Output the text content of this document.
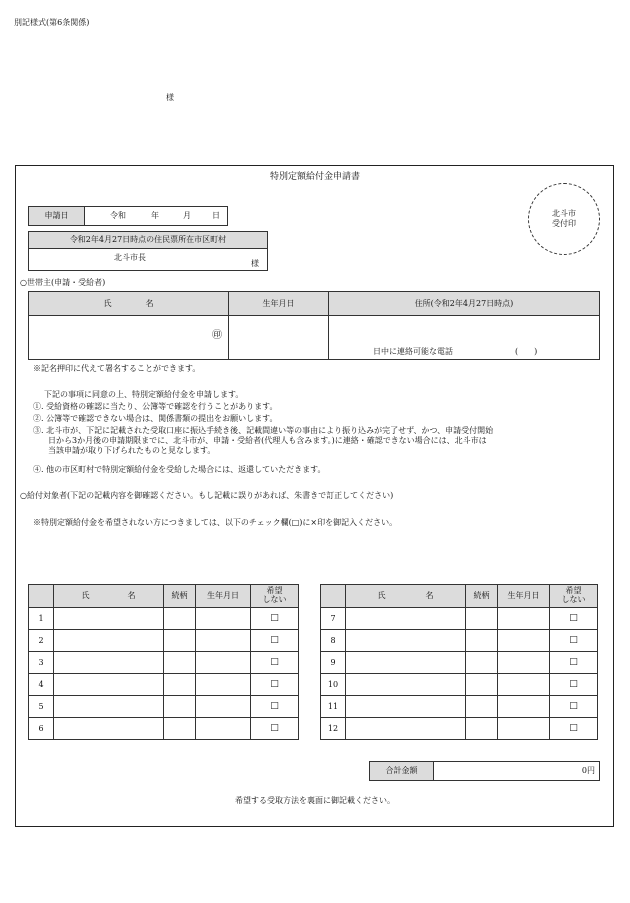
別記様式(第6条関係)
様
特別定額給付金申請書
北斗市
受付印
申請日	令和	年	月	日
令和2年4月27日時点の住民票所在市区町村
北斗市長
様
○世帯主(申請・受給者)
氏 名	生年月日	住所(令和2年4月27日時点)

㊞		日中に連絡可能な電話 (　　)
※記名押印に代えて署名することができます。
下記の事項に同意の上、特別定額給付金を申請します。
①. 受給資格の確認に当たり、公簿等で確認を行うことがあります。
②. 公簿等で確認できない場合は、関係書類の提出をお願いします。
③. 北斗市が、下記に記載された受取口座に振込手続き後、記載間違い等の事由により振り込みが完了せず、かつ、申請受付開始
日から3か月後の申請期限までに、北斗市が、申請・受給者(代理人も含みます。)に連絡・確認できない場合には、北斗市は
当該申請が取り下げられたものと見なします。
④. 他の市区町村で特別定額給付金を受給した場合には、返還していただきます。
○給付対象者(下記の記載内容を御確認ください。もし記載に誤りがあれば、朱書きで訂正してください)
※特別定額給付金を希望されない方につきましては、以下のチェック欄(□)に×印を御記入ください。
	氏 名	続柄	生年月日	希望
しない

1				□
2				□
3				□
4				□
5				□
6				□
	氏 名	続柄	生年月日	希望
しない

7				□
8				□
9				□
10				□
11				□
12				□
合計金額	0円
希望する受取方法を裏面に御記載ください。
